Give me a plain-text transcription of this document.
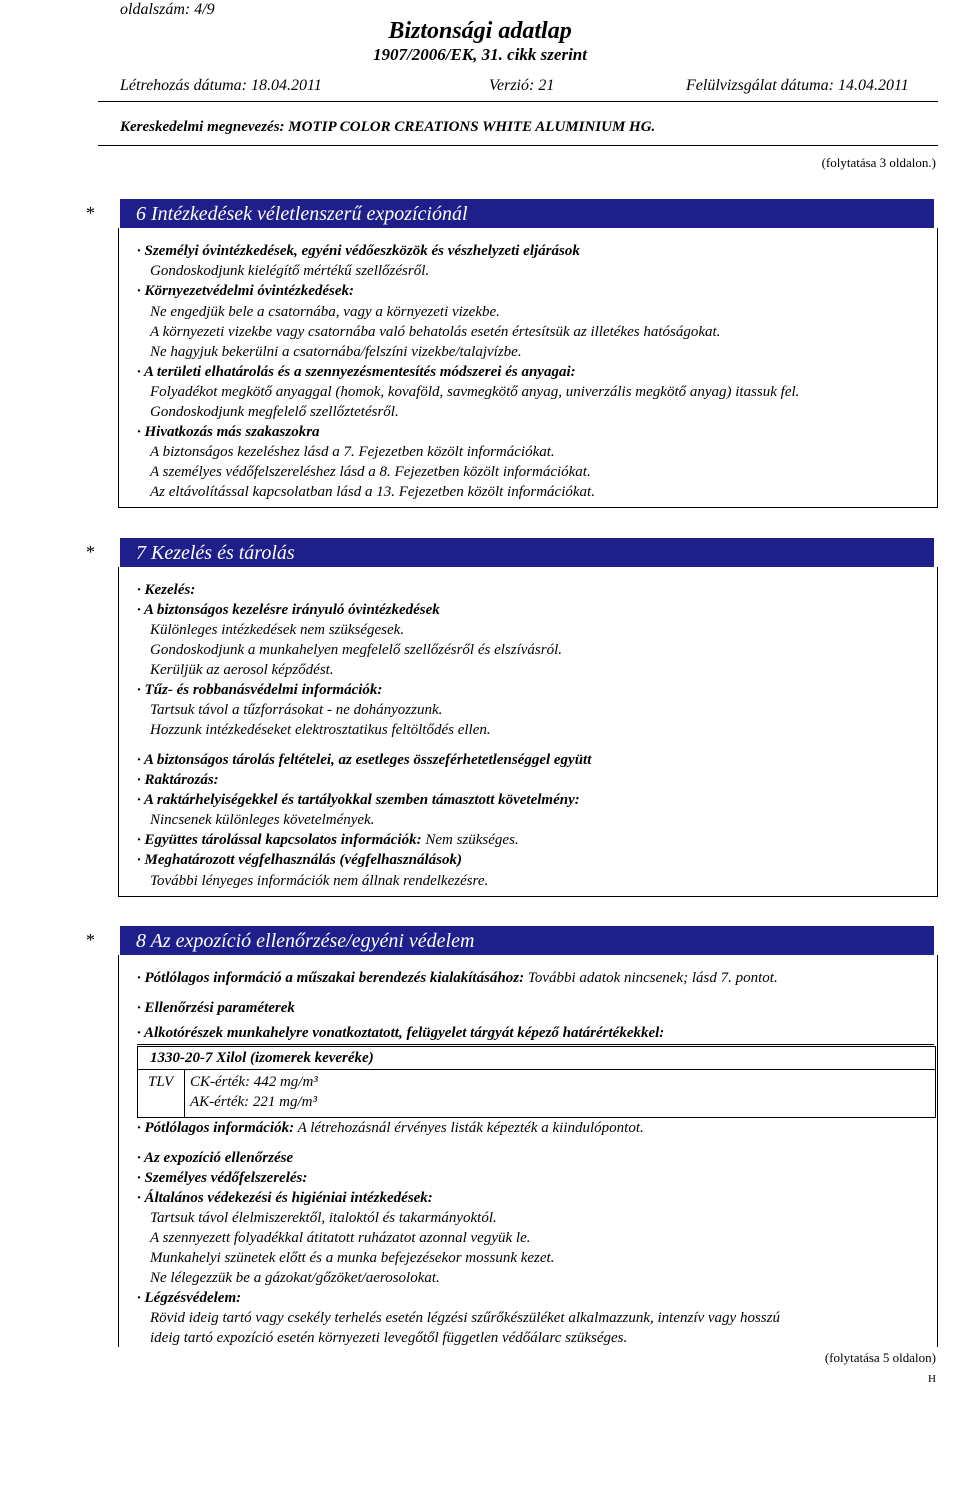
oldalszám: 4/9
Biztonsági adatlap
1907/2006/EK, 31. cikk szerint
Létrehozás dátuma: 18.04.2011	Verzió: 21	Felülvizsgálat dátuma: 14.04.2011
Kereskedelmi megnevezés: MOTIP COLOR CREATIONS WHITE ALUMINIUM HG.
(folytatása 3 oldalon.)
* 6 Intézkedések véletlenszerű expozíciónál
· Személyi óvintézkedések, egyéni védőeszközök és vészhelyzeti eljárások
Gondoskodjunk kielégítő mértékű szellőzésről.
· Környezetvédelmi óvintézkedések:
Ne engedjük bele a csatornába, vagy a környezeti vizekbe.
A környezeti vizekbe vagy csatornába való behatolás esetén értesítsük az illetékes hatóságokat.
Ne hagyjuk bekerülni a csatornába/felszíni vizekbe/talajvízbe.
· A területi elhatárolás és a szennyezésmentesítés módszerei és anyagai:
Folyadékot megkötő anyaggal (homok, kovaföld, savmegkötő anyag, univerzális megkötő anyag) itassuk fel.
Gondoskodjunk megfelelő szellőztetésről.
· Hivatkozás más szakaszokra
A biztonságos kezeléshez lásd a 7. Fejezetben közölt információkat.
A személyes védőfelszereléshez lásd a 8. Fejezetben közölt információkat.
Az eltávolítással kapcsolatban lásd a 13. Fejezetben közölt információkat.
* 7 Kezelés és tárolás
· Kezelés:
· A biztonságos kezelésre irányuló óvintézkedések
Különleges intézkedések nem szükségesek.
Gondoskodjunk a munkahelyen megfelelő szellőzésről és elszívásról.
Kerüljük az aerosol képződést.
· Tűz- és robbanásvédelmi információk:
Tartsuk távol a tűzforrásokat - ne dohányozzunk.
Hozzunk intézkedéseket elektrosztatikus feltöltődés ellen.
· A biztonságos tárolás feltételei, az esetleges összeférhetetlenséggel együtt
· Raktározás:
· A raktárhelyiségekkel és tartályokkal szemben támasztott követelmény:
Nincsenek különleges követelmények.
· Együttes tárolással kapcsolatos információk: Nem szükséges.
· Meghatározott végfelhasználás (végfelhasználások)
További lényeges információk nem állnak rendelkezésre.
* 8 Az expozíció ellenőrzése/egyéni védelem
· Pótlólagos információ a műszakai berendezés kialakításához: További adatok nincsenek; lásd 7. pontot.
· Ellenőrzési paraméterek
· Alkotórészek munkahelyre vonatkoztatott, felügyelet tárgyát képező határértékekkel:
1330-20-7 Xilol (izomerek keveréke)
TLV CK-érték: 442 mg/m³
AK-érték: 221 mg/m³
· Pótlólagos információk: A létrehozásnál érvényes listák képezték a kiindulópontot.
· Az expozíció ellenőrzése
· Személyes védőfelszerelés:
· Általános védekezési és higiéniai intézkedések:
Tartsuk távol élelmiszerektől, italoktól és takarmányoktól.
A szennyezett folyadékkal átitatott ruházatot azonnal vegyük le.
Munkahelyi szünetek előtt és a munka befejezésekor mossunk kezet.
Ne lélegezzük be a gázokat/gőzöket/aerosolokat.
· Légzésvédelem:
Rövid ideig tartó vagy csekély terhelés esetén légzési szűrőkészüléket alkalmazzunk, intenzív vagy hosszú
ideig tartó expozíció esetén környezeti levegőtől független védőálarc szükséges.
(folytatása 5 oldalon)
H
